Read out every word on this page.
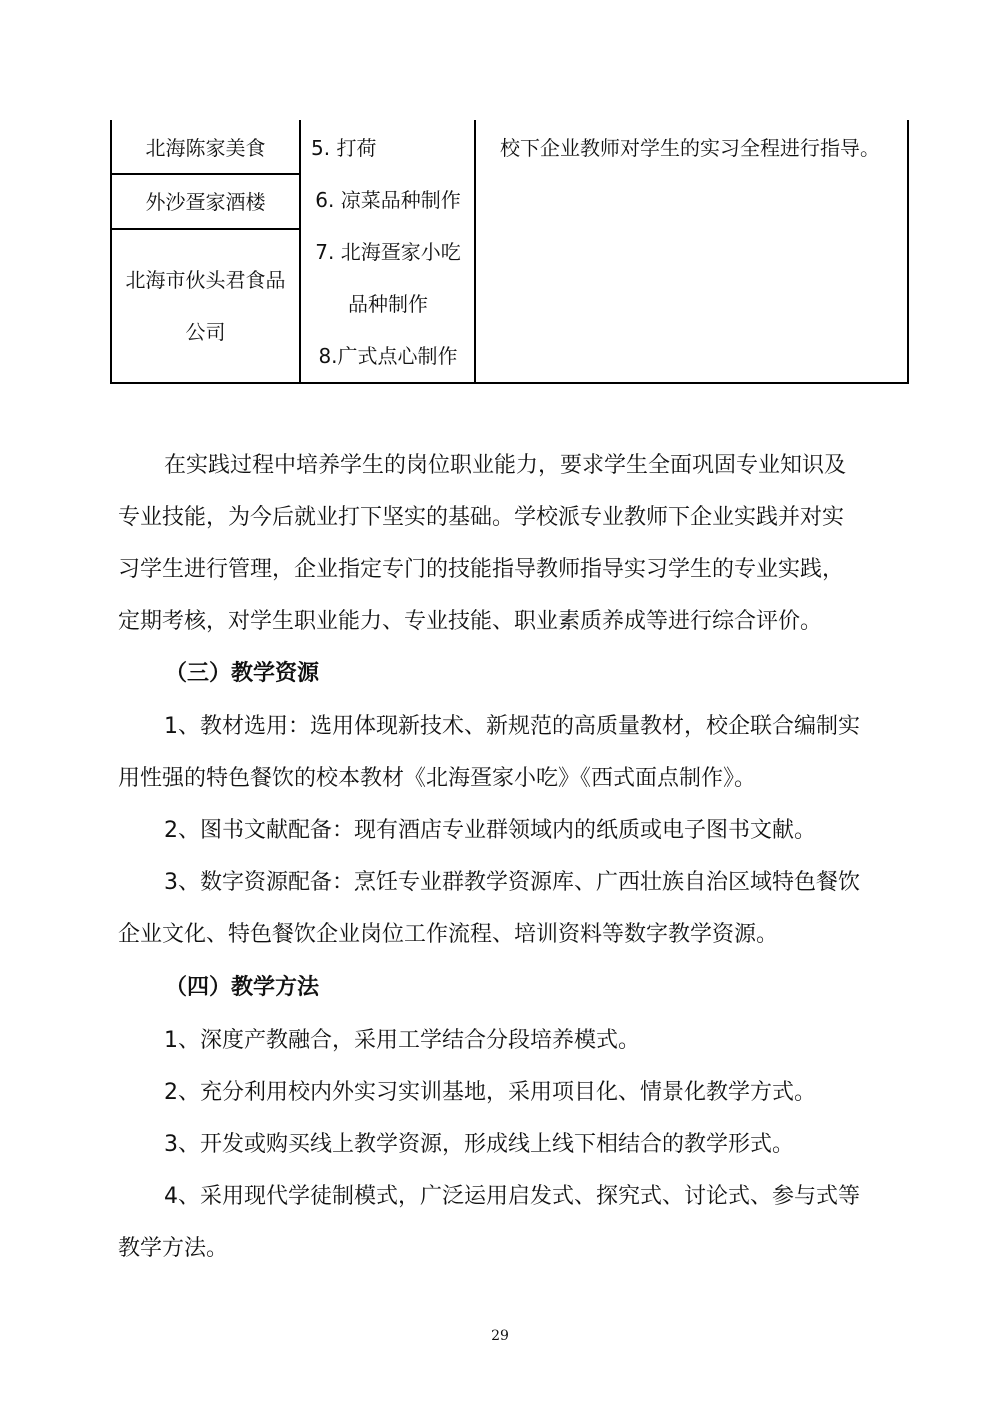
北海陈家美食
外沙疍家酒楼
北海市伙头君食品
公司
5. 打荷
6. 凉菜品种制作
7. 北海疍家小吃
品种制作
8.广式点心制作
校下企业教师对学生的实习全程进行指导。
在实践过程中培养学生的岗位职业能力，要求学生全面巩固专业知识及
专业技能，为今后就业打下坚实的基础。学校派专业教师下企业实践并对实
习学生进行管理，企业指定专门的技能指导教师指导实习学生的专业实践，
定期考核，对学生职业能力、专业技能、职业素质养成等进行综合评价。
（三）教学资源
1、教材选用：选用体现新技术、新规范的高质量教材，校企联合编制实
用性强的特色餐饮的校本教材《北海疍家小吃》《西式面点制作》。
2、图书文献配备：现有酒店专业群领域内的纸质或电子图书文献。
3、数字资源配备：烹饪专业群教学资源库、广西壮族自治区域特色餐饮
企业文化、特色餐饮企业岗位工作流程、培训资料等数字教学资源。
（四）教学方法
1、深度产教融合，采用工学结合分段培养模式。
2、充分利用校内外实习实训基地，采用项目化、情景化教学方式。
3、开发或购买线上教学资源，形成线上线下相结合的教学形式。
4、采用现代学徒制模式，广泛运用启发式、探究式、讨论式、参与式等
教学方法。
29
